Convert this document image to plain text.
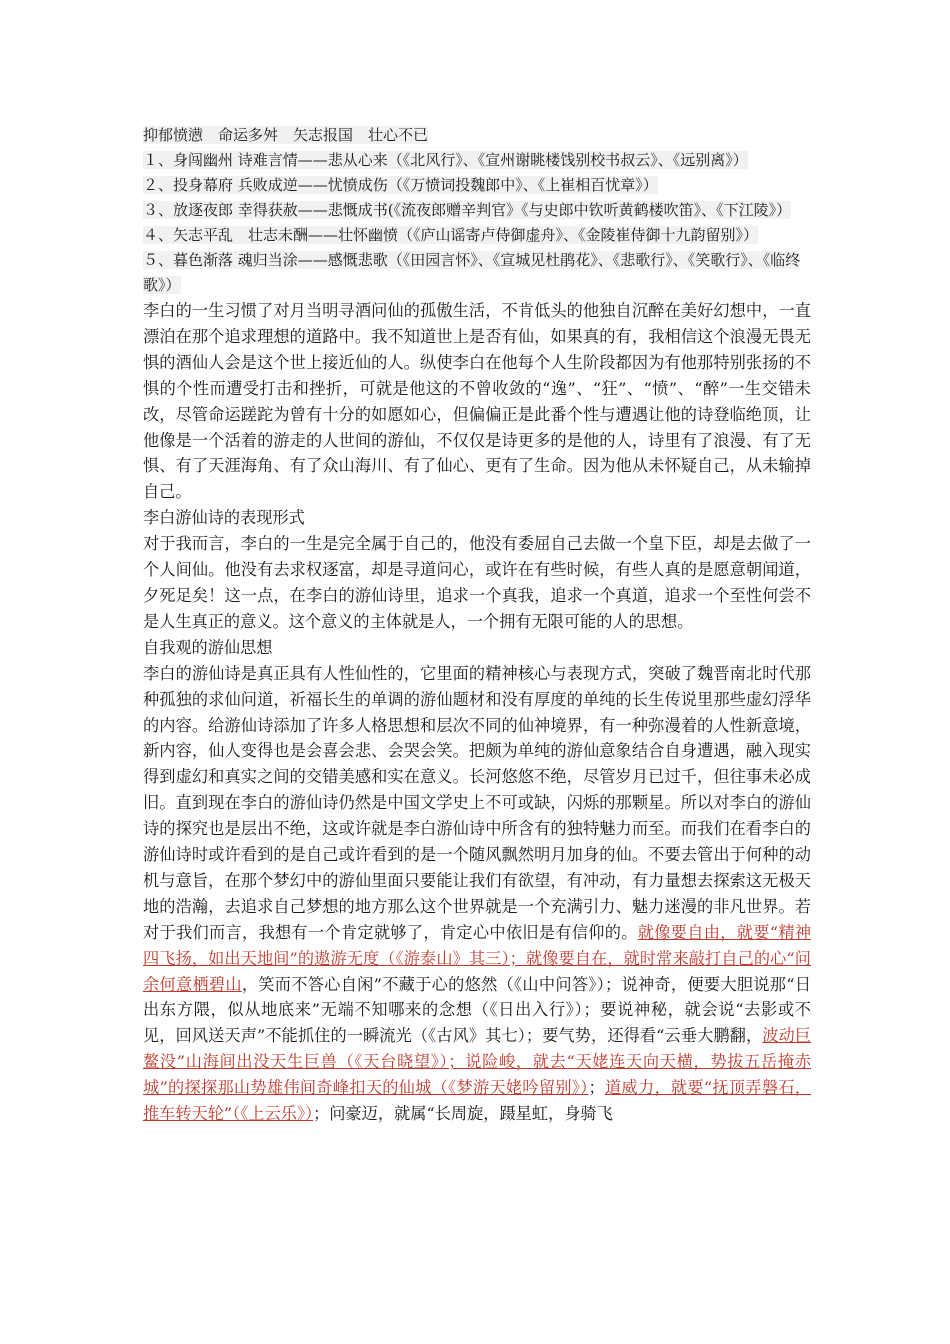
抑郁愤懑　命运多舛　矢志报国　壮心不已

１、身闯幽州 诗难言情——悲从心来（《北风行》、《宣州谢眺楼饯别校书叔云》、《远别离》）

２、投身幕府 兵败成逆——忧愤成伤（《万愤词投魏郎中》、《上崔相百忧章》）

３、放逐夜郎 幸得获赦——悲慨成书(《流夜郎赠辛判官》《与史郎中钦听黄鹤楼吹笛》、《下江陵》）

４、矢志平乱　壮志未酬——壮怀幽愤（《庐山谣寄卢侍御虚舟》、《金陵崔侍御十九韵留别》）

５、暮色渐落 魂归当涂——感慨悲歌（《田园言怀》、《宣城见杜鹃花》、《悲歌行》、《笑歌行》、《临终歌》）

李白的一生习惯了对月当明寻酒问仙的孤傲生活，不肯低头的他独自沉醉在美好幻想中，一直漂泊在那个追求理想的道路中。我不知道世上是否有仙，如果真的有，我相信这个浪漫无畏无惧的酒仙人会是这个世上接近仙的人。纵使李白在他每个人生阶段都因为有他那特别张扬的不惧的个性而遭受打击和挫折，可就是他这的不曾收敛的“逸”、“狂”、“愤”、“醉”一生交错未改，尽管命运蹉跎为曾有十分的如愿如心，但偏偏正是此番个性与遭遇让他的诗登临绝顶，让他像是一个活着的游走的人世间的游仙，不仅仅是诗更多的是他的人，诗里有了浪漫、有了无惧、有了天涯海角、有了众山海川、有了仙心、更有了生命。因为他从未怀疑自己，从未输掉自己。

李白游仙诗的表现形式

对于我而言，李白的一生是完全属于自己的，他没有委屈自己去做一个皇下臣，却是去做了一个人间仙。他没有去求权逐富，却是寻道问心，或许在有些时候，有些人真的是愿意朝闻道，夕死足矣！这一点，在李白的游仙诗里，追求一个真我，追求一个真道，追求一个至性何尝不是人生真正的意义。这个意义的主体就是人，一个拥有无限可能的人的思想。

自我观的游仙思想

李白的游仙诗是真正具有人性仙性的，它里面的精神核心与表现方式，突破了魏晋南北时代那种孤独的求仙问道，祈福长生的单调的游仙题材和没有厚度的单纯的长生传说里那些虚幻浮华的内容。给游仙诗添加了许多人格思想和层次不同的仙神境界，有一种弥漫着的人性新意境，新内容，仙人变得也是会喜会悲、会哭会笑。把颇为单纯的游仙意象结合自身遭遇，融入现实得到虚幻和真实之间的交错美感和实在意义。长河悠悠不绝，尽管岁月已过千，但往事未必成旧。直到现在李白的游仙诗仍然是中国文学史上不可或缺，闪烁的那颗星。所以对李白的游仙诗的探究也是层出不绝，这或许就是李白游仙诗中所含有的独特魅力而至。而我们在看李白的游仙诗时或许看到的是自己或许看到的是一个随风飘然明月加身的仙。不要去管出于何种的动机与意旨，在那个梦幻中的游仙里面只要能让我们有欲望，有冲动，有力量想去探索这无极天地的浩瀚，去追求自己梦想的地方那么这个世界就是一个充满引力、魅力迷漫的非凡世界。若对于我们而言，我想有一个肯定就够了，肯定心中依旧是有信仰的。就像要自由，就要“精神四飞扬，如出天地间”的遨游无度（《游泰山》其三）；就像要自在，就时常来敲打自己的心“问余何意栖碧山，笑而不答心自闲”不藏于心的悠然（《山中问答》）；说神奇，便要大胆说那“日出东方隈，似从地底来”无端不知哪来的念想（《日出入行》）；要说神秘，就会说“去影或不见，回风送天声”不能抓住的一瞬流光（《古风》其七）；要气势，还得看“云垂大鹏翻，波动巨鳌没”山海间出没天生巨兽（《天台晓望》）；说险峻，就去“天姥连天向天横，势拔五岳掩赤城”的探探那山势雄伟间奇峰扣天的仙城（《梦游天姥吟留别》）；道威力，就要“抚顶弄磐石，推车转天轮”（《上云乐》）；问豪迈，就属“长周旋，蹑星虹，身骑飞
